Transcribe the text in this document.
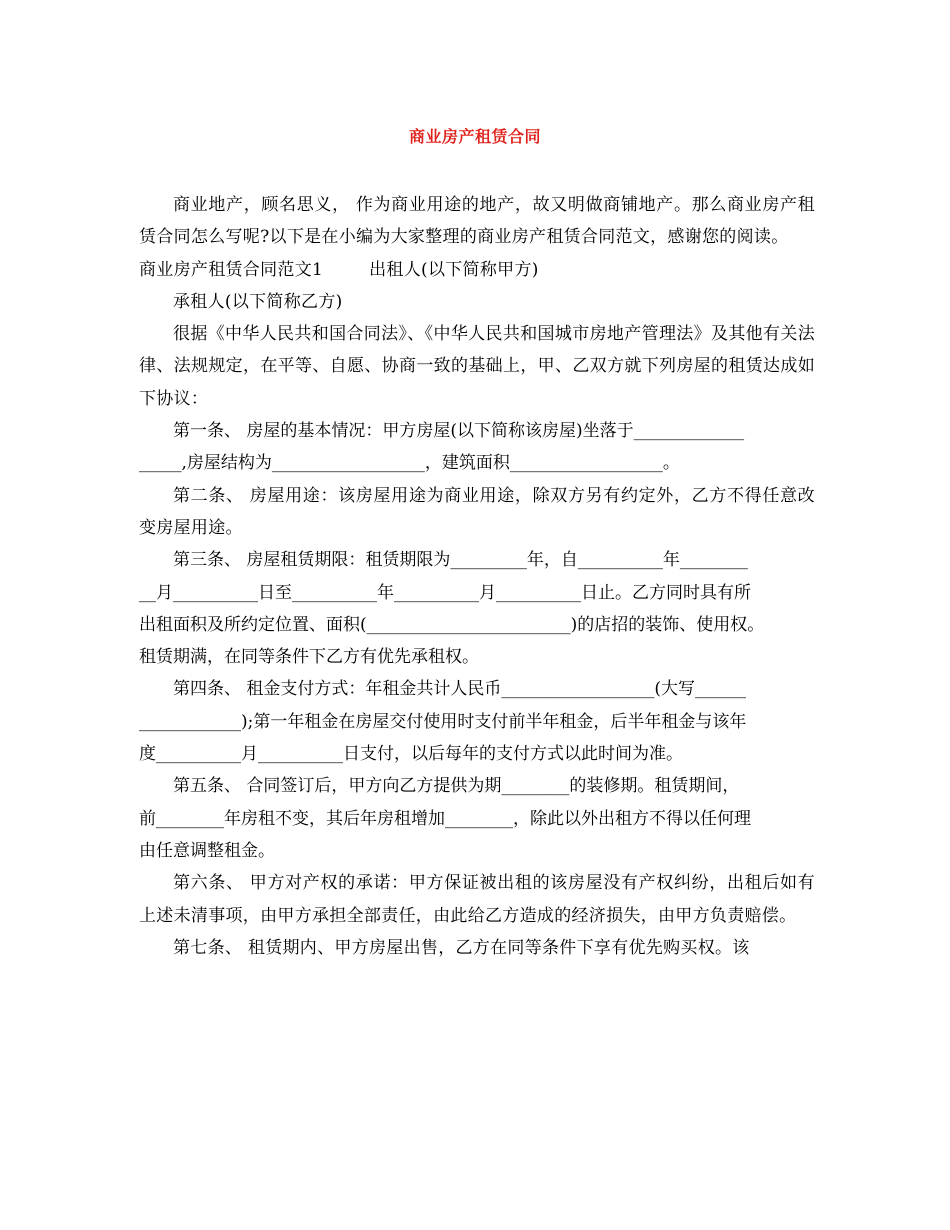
商业房产租赁合同

商业地产，顾名思义， 作为商业用途的地产，故又明做商铺地产。那么商业房产租赁合同怎么写呢?以下是在小编为大家整理的商业房产租赁合同范文，感谢您的阅读。

商业房产租赁合同范文1	出租人(以下简称甲方)

承租人(以下简称乙方)

很据《中华人民共和国合同法》、《中华人民共和国城市房地产管理法》及其他有关法律、法规规定，在平等、自愿、协商一致的基础上，甲、乙双方就下列房屋的租赁达成如下协议：

第一条、 房屋的基本情况：甲方房屋(以下简称该房屋)坐落于_____________
_____,房屋结构为__________________，建筑面积__________________。

第二条、 房屋用途：该房屋用途为商业用途，除双方另有约定外，乙方不得任意改变房屋用途。

第三条、 房屋租赁期限：租赁期限为_________年，自__________年________
__月__________日至__________年__________月__________日止。乙方同时具有所
出租面积及所约定位置、面积(________________________)的店招的装饰、使用权。
租赁期满，在同等条件下乙方有优先承租权。
第四条、 租金支付方式：年租金共计人民币__________________(大写______
____________);第一年租金在房屋交付使用时支付前半年租金，后半年租金与该年
度__________月__________日支付，以后每年的支付方式以此时间为准。
第五条、 合同签订后，甲方向乙方提供为期________的装修期。租赁期间，
前________年房租不变，其后年房租增加________，除此以外出租方不得以任何理
由任意调整租金。

第六条、 甲方对产权的承诺：甲方保证被出租的该房屋没有产权纠纷，出租后如有上述未清事项，由甲方承担全部责任，由此给乙方造成的经济损失，由甲方负责赔偿。

第七条、 租赁期内、甲方房屋出售，乙方在同等条件下享有优先购买权。该
